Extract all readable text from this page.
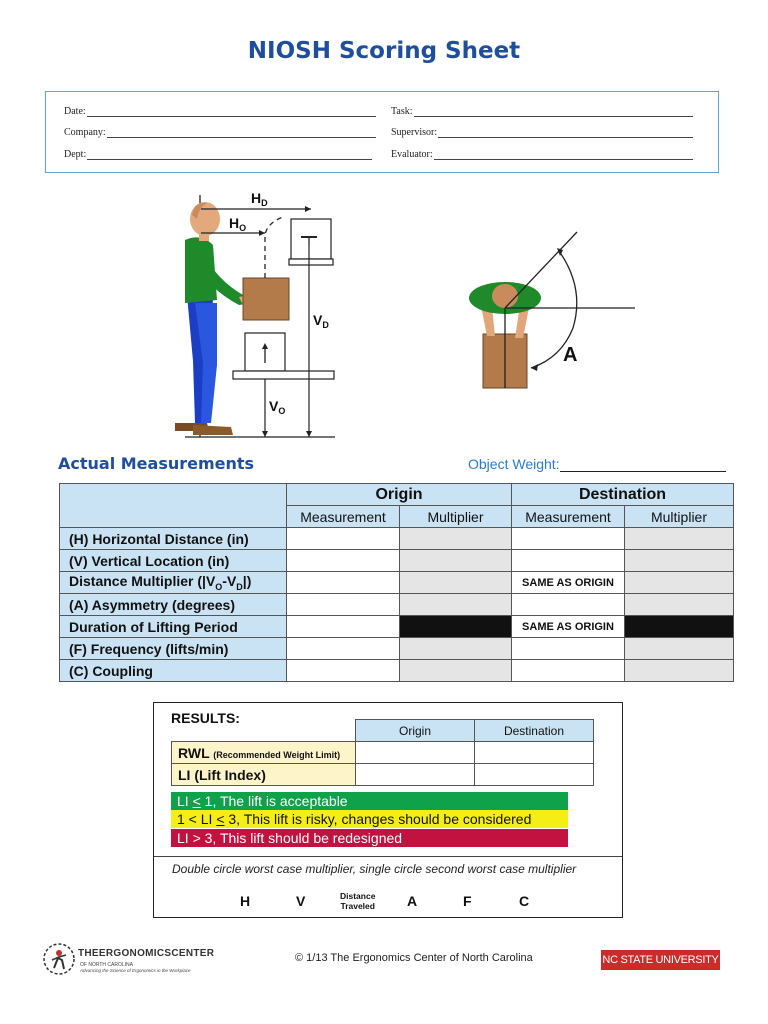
NIOSH Scoring Sheet
Date:
Company:
Dept:
Task:
Supervisor:
Evaluator:
$H_D$
$H_O$
$V_D$
$V_O$
A
Actual Measurements	Object Weight:
	Origin		Destination	
	Measurement	Multiplier	Measurement	Multiplier
(H) Horizontal Distance (in)				
(V) Vertical Location (in)				
Distance Multiplier $(|V_O-V_D|)$			SAME AS ORIGIN	
(A) Asymmetry (degrees)				
Duration of Lifting Period			SAME AS ORIGIN	
(F) Frequency (lifts/min)				
(C) Coupling				
RESULTS:
	Origin	Destination
RWL (Recommended Weight Limit)		
LI (Lift Index)		
LI < 1, The lift is acceptable
1 < LI < 3, This lift is risky, changes should be considered
LI > 3, This lift should be redesigned
Double circle worst case multiplier, single circle second worst case multiplier
H	V	Distance
Traveled A	F	C
THEERGONOMICSCENTER
OF NORTH CAROLINA
Advancing the Science of Ergonomics in the Workplace
© 1/13 The Ergonomics Center of North Carolina	NC STATE UNIVERSITY
